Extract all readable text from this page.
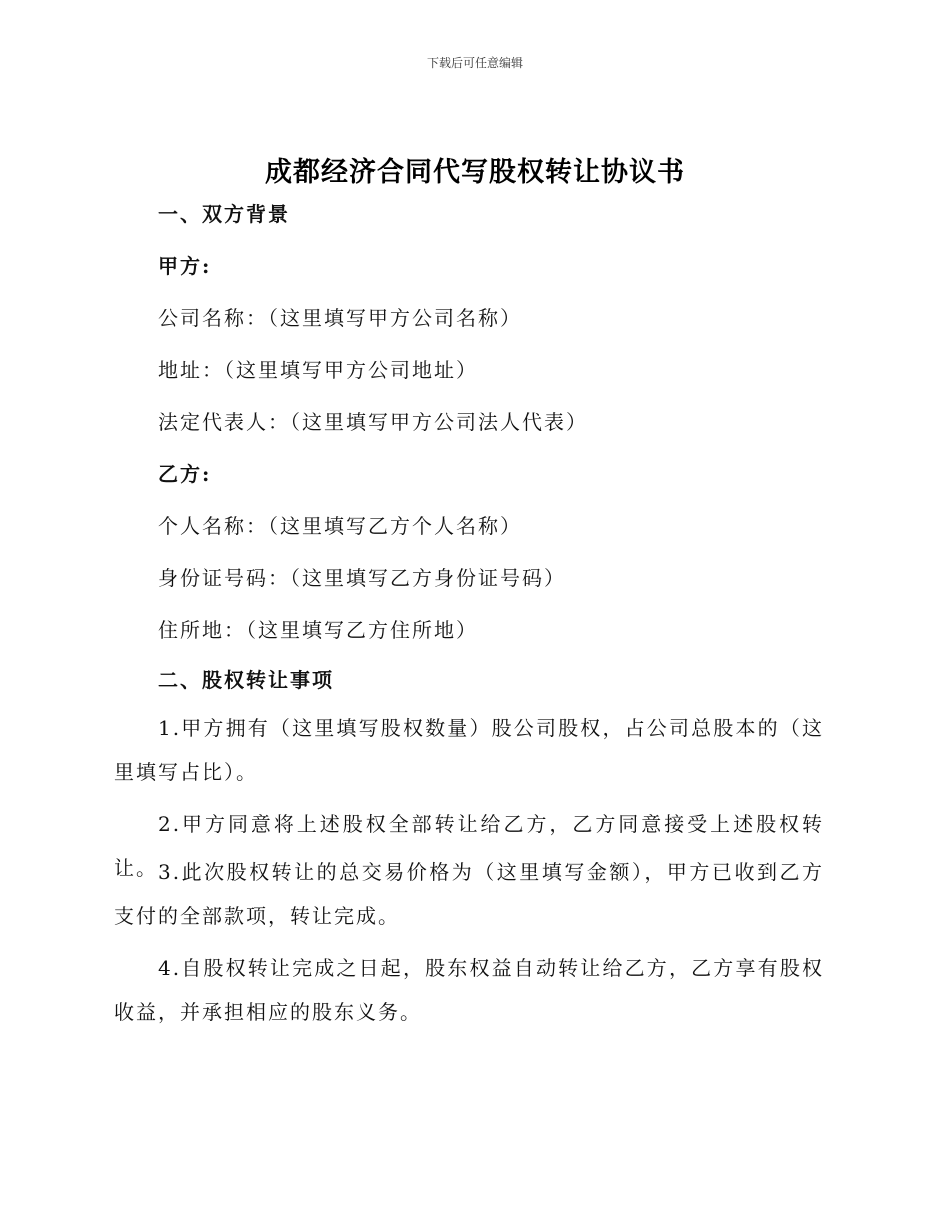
下载后可任意编辑
成都经济合同代写股权转让协议书
一、双方背景
甲方:
公司名称：（这里填写甲方公司名称）
地址：（这里填写甲方公司地址）
法定代表人：（这里填写甲方公司法人代表）
乙方:
个人名称：（这里填写乙方个人名称）
身份证号码：（这里填写乙方身份证号码）
住所地：（这里填写乙方住所地）
二、股权转让事项
1.甲方拥有（这里填写股权数量）股公司股权，占公司总股本的（这里填写占比）。
2.甲方同意将上述股权全部转让给乙方，乙方同意接受上述股权转让。 3.此次股权转让的总交易价格为（这里填写金额），甲方已收到乙方支付的全部款项，转让完成。
4.自股权转让完成之日起，股东权益自动转让给乙方，乙方享有股权收益，并承担相应的股东义务。
